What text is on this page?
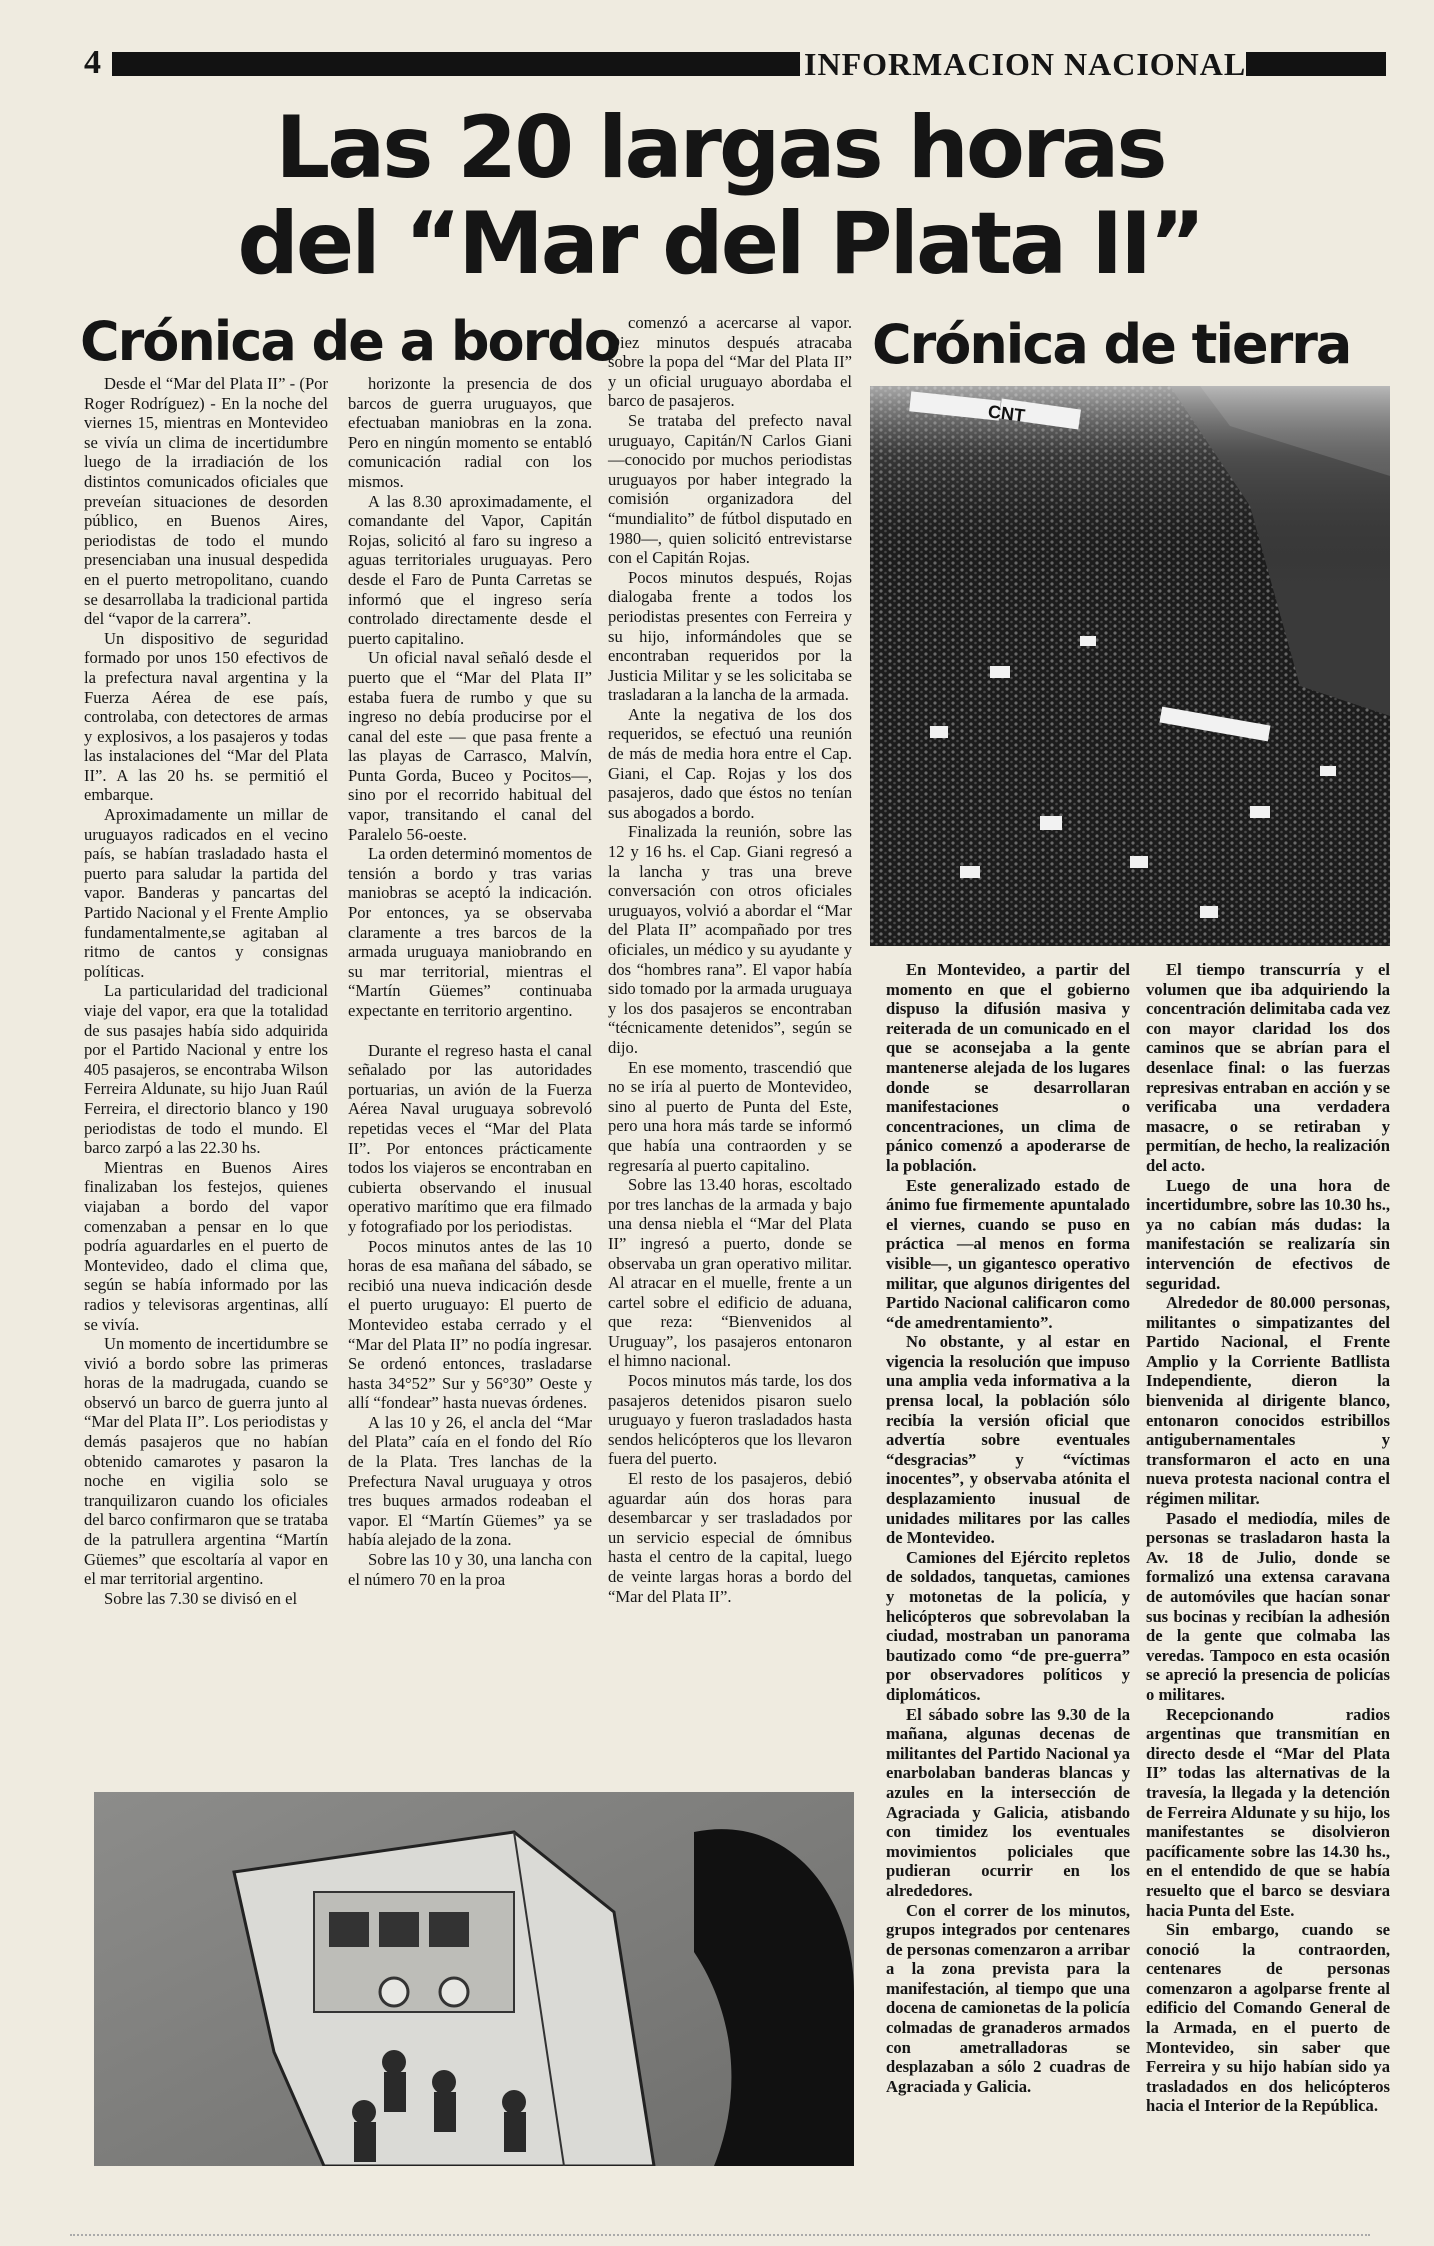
4	INFORMACION NACIONAL
Las 20 largas horas
del “Mar del Plata II”
Crónica de a bordo	Crónica de tierra

Desde el “Mar del Plata II” - (Por Roger Rodríguez) - En la noche del viernes 15, mientras en Montevideo se vivía un clima de incertidumbre luego de la irradiación de los distintos comunicados oficiales que preveían situaciones de desorden público, en Buenos Aires, periodistas de todo el mundo presenciaban una inusual despedida en el puerto metropolitano, cuando se desarrollaba la tradicional partida del “vapor de la carrera”.

Un dispositivo de seguridad formado por unos 150 efectivos de la prefectura naval argentina y la Fuerza Aérea de ese país, controlaba, con detectores de armas y explosivos, a los pasajeros y todas las instalaciones del “Mar del Plata II”. A las 20 hs. se permitió el embarque.

Aproximadamente un millar de uruguayos radicados en el vecino país, se habían trasladado hasta el puerto para saludar la partida del vapor. Banderas y pancartas del Partido Nacional y el Frente Amplio fundamentalmente,se agitaban al ritmo de cantos y consignas políticas.

La particularidad del tradicional viaje del vapor, era que la totalidad de sus pasajes había sido adquirida por el Partido Nacional y entre los 405 pasajeros, se encontraba Wilson Ferreira Aldunate, su hijo Juan Raúl Ferreira, el directorio blanco y 190 periodistas de todo el mundo. El barco zarpó a las 22.30 hs.

Mientras en Buenos Aires finalizaban los festejos, quienes viajaban a bordo del vapor comenzaban a pensar en lo que podría aguardarles en el puerto de Montevideo, dado el clima que, según se había informado por las radios y televisoras argentinas, allí se vivía.

Un momento de incertidumbre se vivió a bordo sobre las primeras horas de la madrugada, cuando se observó un barco de guerra junto al “Mar del Plata II”. Los periodistas y demás pasajeros que no habían obtenido camarotes y pasaron la noche en vigilia solo se tranquilizaron cuando los oficiales del barco confirmaron que se trataba de la patrullera argentina “Martín Güemes” que escoltaría al vapor en el mar territorial argentino.

Sobre las 7.30 se divisó en el

horizonte la presencia de dos barcos de guerra uruguayos, que efectuaban maniobras en la zona. Pero en ningún momento se entabló comunicación radial con los mismos.

A las 8.30 aproximadamente, el comandante del Vapor, Capitán Rojas, solicitó al faro su ingreso a aguas territoriales uruguayas. Pero desde el Faro de Punta Carretas se informó que el ingreso sería controlado directamente desde el puerto capitalino.

Un oficial naval señaló desde el puerto que el “Mar del Plata II” estaba fuera de rumbo y que su ingreso no debía producirse por el canal del este — que pasa frente a las playas de Carrasco, Malvín, Punta Gorda, Buceo y Pocitos—, sino por el recorrido habitual del vapor, transitando el canal del Paralelo 56-oeste.

La orden determinó momentos de tensión a bordo y tras varias maniobras se aceptó la indicación. Por entonces, ya se observaba claramente a tres barcos de la armada uruguaya maniobrando en su mar territorial, mientras el “Martín Güemes” continuaba expectante en territorio argentino.

Durante el regreso hasta el canal señalado por las autoridades portuarias, un avión de la Fuerza Aérea Naval uruguaya sobrevoló repetidas veces el “Mar del Plata II”. Por entonces prácticamente todos los viajeros se encontraban en cubierta observando el inusual operativo marítimo que era filmado y fotografiado por los periodistas.

Pocos minutos antes de las 10 horas de esa mañana del sábado, se recibió una nueva indicación desde el puerto uruguayo: El puerto de Montevideo estaba cerrado y el “Mar del Plata II” no podía ingresar. Se ordenó entonces, trasladarse hasta 34°52” Sur y 56°30” Oeste y allí “fondear” hasta nuevas órdenes.

A las 10 y 26, el ancla del “Mar del Plata” caía en el fondo del Río de la Plata. Tres lanchas de la Prefectura Naval uruguaya y otros tres buques armados rodeaban el vapor. El “Martín Güemes” ya se había alejado de la zona.

Sobre las 10 y 30, una lancha con el número 70 en la proa

comenzó a acercarse al vapor. Diez minutos después atracaba sobre la popa del “Mar del Plata II” y un oficial uruguayo abordaba el barco de pasajeros.

Se trataba del prefecto naval uruguayo, Capitán/N Carlos Giani —conocido por muchos periodistas uruguayos por haber integrado la comisión organizadora del “mundialito” de fútbol disputado en 1980—, quien solicitó entrevistarse con el Capitán Rojas.

Pocos minutos después, Rojas dialogaba frente a todos los periodistas presentes con Ferreira y su hijo, informándoles que se encontraban requeridos por la Justicia Militar y se les solicitaba se trasladaran a la lancha de la armada.

Ante la negativa de los dos requeridos, se efectuó una reunión de más de media hora entre el Cap. Giani, el Cap. Rojas y los dos pasajeros, dado que éstos no tenían sus abogados a bordo.

Finalizada la reunión, sobre las 12 y 16 hs. el Cap. Giani regresó a la lancha y tras una breve conversación con otros oficiales uruguayos, volvió a abordar el “Mar del Plata II” acompañado por tres oficiales, un médico y su ayudante y dos “hombres rana”. El vapor había sido tomado por la armada uruguaya y los dos pasajeros se encontraban “técnicamente detenidos”, según se dijo.

En ese momento, trascendió que no se iría al puerto de Montevideo, sino al puerto de Punta del Este, pero una hora más tarde se informó que había una contraorden y se regresaría al puerto capitalino.

Sobre las 13.40 horas, escoltado por tres lanchas de la armada y bajo una densa niebla el “Mar del Plata II” ingresó a puerto, donde se observaba un gran operativo militar. Al atracar en el muelle, frente a un cartel sobre el edificio de aduana, que reza: “Bienvenidos al Uruguay”, los pasajeros entonaron el himno nacional.

Pocos minutos más tarde, los dos pasajeros detenidos pisaron suelo uruguayo y fueron trasladados hasta sendos helicópteros que los llevaron fuera del puerto.

El resto de los pasajeros, debió aguardar aún dos horas para desembarcar y ser trasladados por un servicio especial de ómnibus hasta el centro de la capital, luego de veinte largas horas a bordo del “Mar del Plata II”.

En Montevideo, a partir del momento en que el gobierno dispuso la difusión masiva y reiterada de un comunicado en el que se aconsejaba a la gente mantenerse alejada de los lugares donde se desarrollaran manifestaciones o concentraciones, un clima de pánico comenzó a apoderarse de la población.

Este generalizado estado de ánimo fue firmemente apuntalado el viernes, cuando se puso en práctica —al menos en forma visible—, un gigantesco operativo militar, que algunos dirigentes del Partido Nacional calificaron como “de amedrentamiento”.

No obstante, y al estar en vigencia la resolución que impuso una amplia veda informativa a la prensa local, la población sólo recibía la versión oficial que advertía sobre eventuales “desgracias” y “víctimas inocentes”, y observaba atónita el desplazamiento inusual de unidades militares por las calles de Montevideo.

Camiones del Ejército repletos de soldados, tanquetas, camiones y motonetas de la policía, y helicópteros que sobrevolaban la ciudad, mostraban un panorama bautizado como “de pre-guerra” por observadores políticos y diplomáticos.

El sábado sobre las 9.30 de la mañana, algunas decenas de militantes del Partido Nacional ya enarbolaban banderas blancas y azules en la intersección de Agraciada y Galicia, atisbando con timidez los eventuales movimientos policiales que pudieran ocurrir en los alrededores.

Con el correr de los minutos, grupos integrados por centenares de personas comenzaron a arribar a la zona prevista para la manifestación, al tiempo que una docena de camionetas de la policía colmadas de granaderos armados con ametralladoras se desplazaban a sólo 2 cuadras de Agraciada y Galicia.

El tiempo transcurría y el volumen que iba adquiriendo la concentración delimitaba cada vez con mayor claridad los dos caminos que se abrían para el desenlace final: o las fuerzas represivas entraban en acción y se verificaba una verdadera masacre, o se retiraban y permitían, de hecho, la realización del acto.

Luego de una hora de incertidumbre, sobre las 10.30 hs., ya no cabían más dudas: la manifestación se realizaría sin intervención de efectivos de seguridad.

Alrededor de 80.000 personas, militantes o simpatizantes del Partido Nacional, el Frente Amplio y la Corriente Batllista Independiente, dieron la bienvenida al dirigente blanco, entonaron conocidos estribillos antigubernamentales y transformaron el acto en una nueva protesta nacional contra el régimen militar.

Pasado el mediodía, miles de personas se trasladaron hasta la Av. 18 de Julio, donde se formalizó una extensa caravana de automóviles que hacían sonar sus bocinas y recibían la adhesión de la gente que colmaba las veredas. Tampoco en esta ocasión se apreció la presencia de policías o militares.

Recepcionando radios argentinas que transmitían en directo desde el “Mar del Plata II” todas las alternativas de la travesía, la llegada y la detención de Ferreira Aldunate y su hijo, los manifestantes se disolvieron pacíficamente sobre las 14.30 hs., en el entendido de que se había resuelto que el barco se desviara hacia Punta del Este.

Sin embargo, cuando se conoció la contraorden, centenares de personas comenzaron a agolparse frente al edificio del Comando General de la Armada, en el puerto de Montevideo, sin saber que Ferreira y su hijo habían sido ya trasladados en dos helicópteros hacia el Interior de la República.

CNT
